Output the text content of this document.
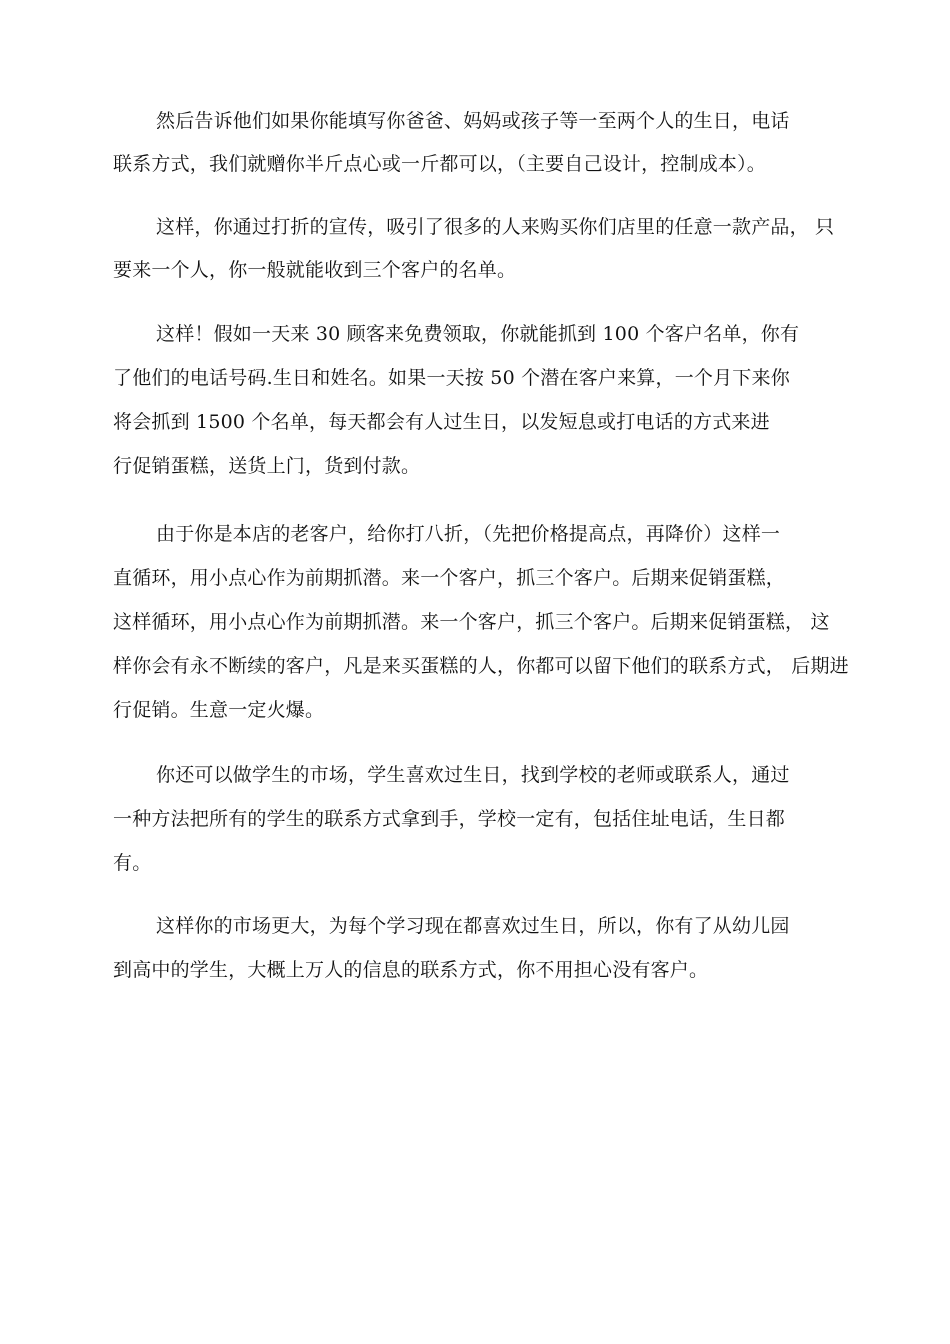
然后告诉他们如果你能填写你爸爸、妈妈或孩子等一至两个人的生日，电话
联系方式，我们就赠你半斤点心或一斤都可以，（主要自己设计，控制成本）。
这样，你通过打折的宣传，吸引了很多的人来购买你们店里的任意一款产品， 只
要来一个人，你一般就能收到三个客户的名单。
这样！假如一天来 30 顾客来免费领取，你就能抓到 100 个客户名单，你有
了他们的电话号码.生日和姓名。如果一天按 50 个潜在客户来算，一个月下来你
将会抓到 1500 个名单，每天都会有人过生日，以发短息或打电话的方式来进
行促销蛋糕，送货上门，货到付款。
由于你是本店的老客户，给你打八折，（先把价格提高点，再降价）这样一
直循环，用小点心作为前期抓潜。来一个客户，抓三个客户。后期来促销蛋糕，
这样循环，用小点心作为前期抓潜。来一个客户，抓三个客户。后期来促销蛋糕， 这
样你会有永不断续的客户，凡是来买蛋糕的人，你都可以留下他们的联系方式， 后期进
行促销。生意一定火爆。
你还可以做学生的市场，学生喜欢过生日，找到学校的老师或联系人，通过
一种方法把所有的学生的联系方式拿到手，学校一定有，包括住址电话，生日都
有。
这样你的市场更大，为每个学习现在都喜欢过生日，所以，你有了从幼儿园
到高中的学生，大概上万人的信息的联系方式，你不用担心没有客户。
